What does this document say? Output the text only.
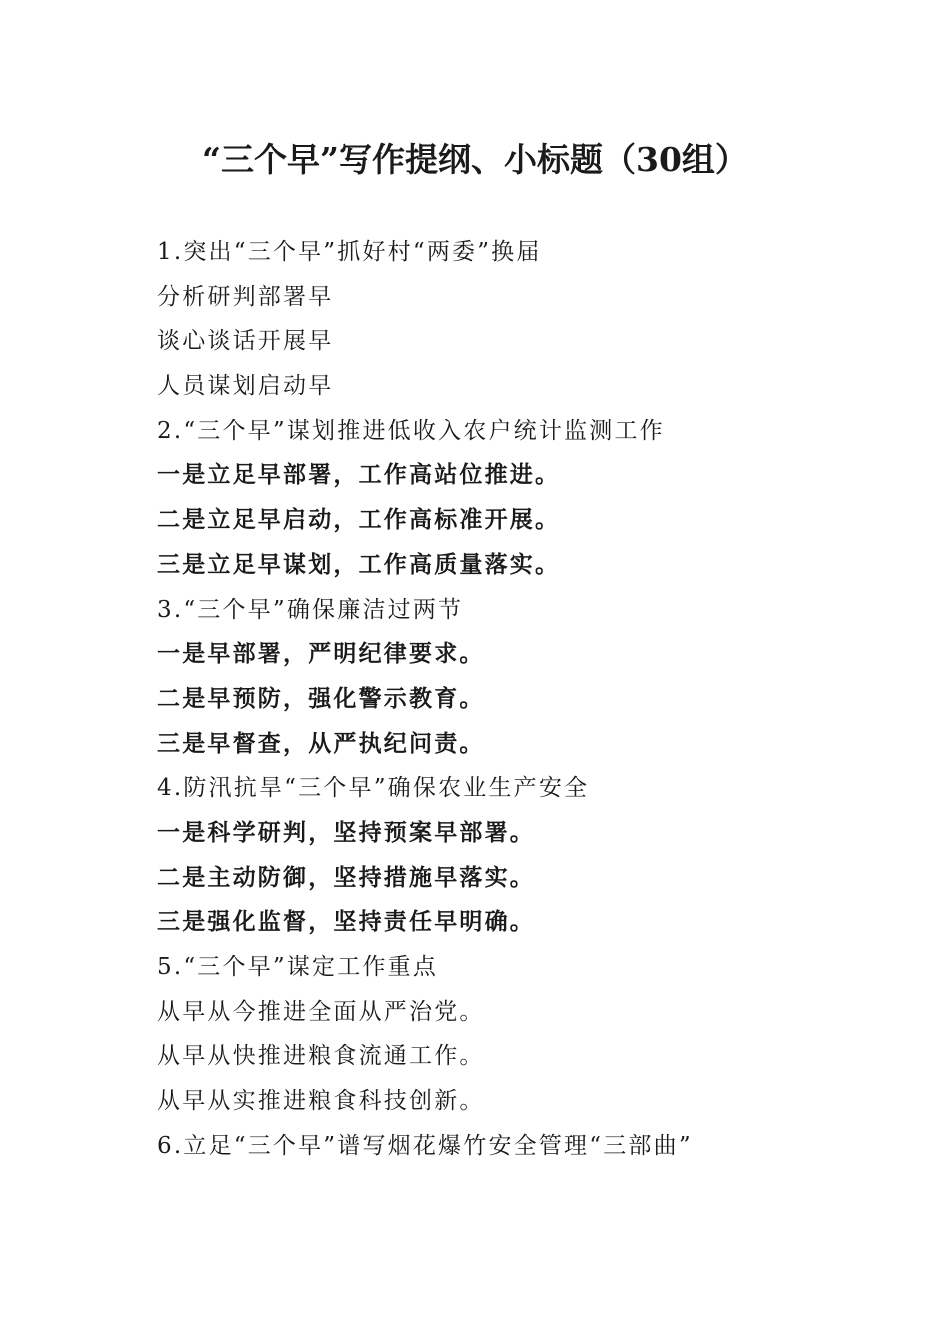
“三个早”写作提纲、小标题（30组）
1.突出“三个早”抓好村“两委”换届
分析研判部署早
谈心谈话开展早
人员谋划启动早
2.“三个早”谋划推进低收入农户统计监测工作
一是立足早部署，工作高站位推进。
二是立足早启动，工作高标准开展。
三是立足早谋划，工作高质量落实。
3.“三个早”确保廉洁过两节
一是早部署，严明纪律要求。
二是早预防，强化警示教育。
三是早督查，从严执纪问责。
4.防汛抗旱“三个早”确保农业生产安全
一是科学研判，坚持预案早部署。
二是主动防御，坚持措施早落实。
三是强化监督，坚持责任早明确。
5.“三个早”谋定工作重点
从早从今推进全面从严治党。
从早从快推进粮食流通工作。
从早从实推进粮食科技创新。
6.立足“三个早”谱写烟花爆竹安全管理“三部曲”
